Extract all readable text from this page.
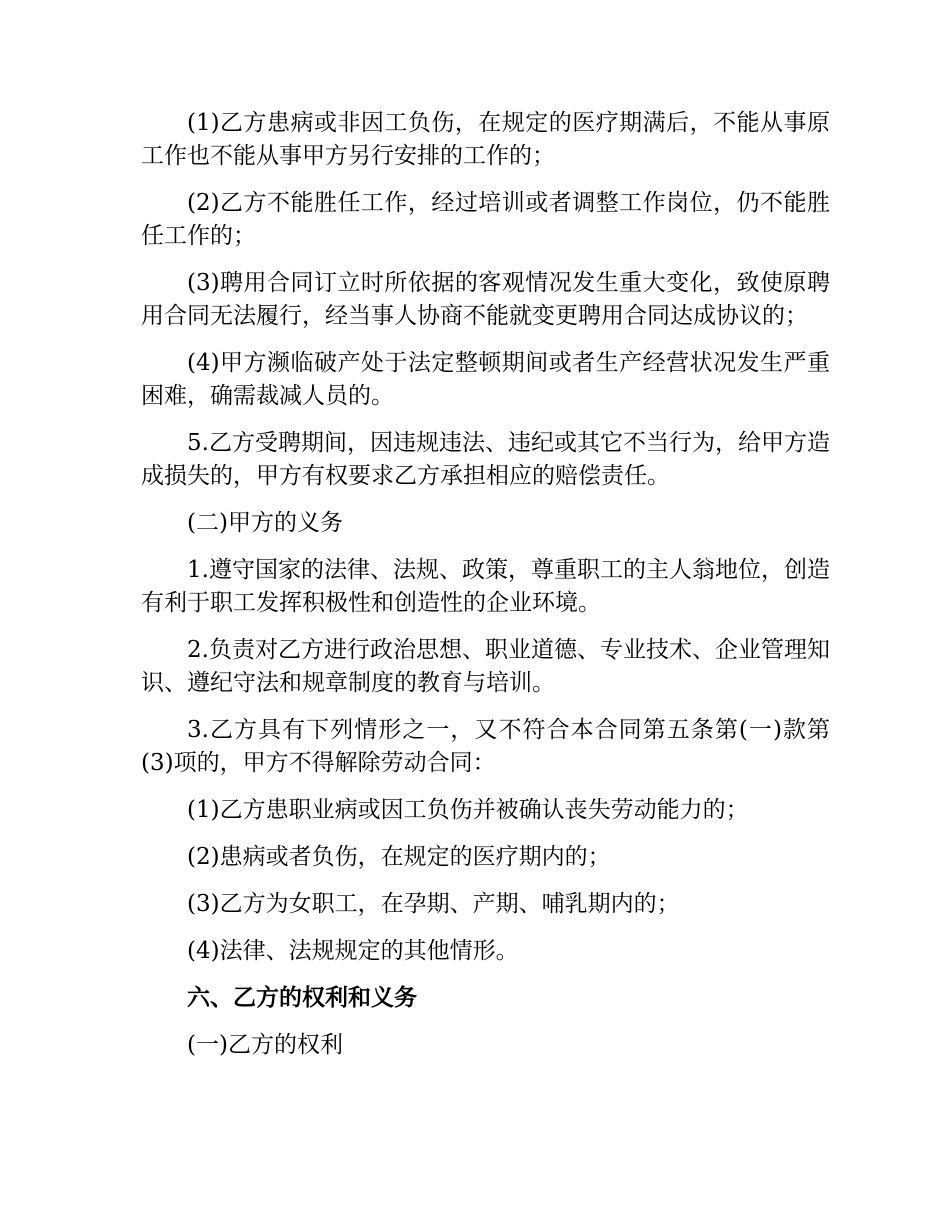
(1)乙方患病或非因工负伤，在规定的医疗期满后，不能从事原工作也不能从事甲方另行安排的工作的；

(2)乙方不能胜任工作，经过培训或者调整工作岗位，仍不能胜任工作的；

(3)聘用合同订立时所依据的客观情况发生重大变化，致使原聘用合同无法履行，经当事人协商不能就变更聘用合同达成协议的；

(4)甲方濒临破产处于法定整顿期间或者生产经营状况发生严重困难，确需裁减人员的。

5.乙方受聘期间，因违规违法、违纪或其它不当行为，给甲方造成损失的，甲方有权要求乙方承担相应的赔偿责任。

(二)甲方的义务

1.遵守国家的法律、法规、政策，尊重职工的主人翁地位，创造有利于职工发挥积极性和创造性的企业环境。

2.负责对乙方进行政治思想、职业道德、专业技术、企业管理知识、遵纪守法和规章制度的教育与培训。

3.乙方具有下列情形之一，又不符合本合同第五条第(一)款第(3)项的，甲方不得解除劳动合同：

(1)乙方患职业病或因工负伤并被确认丧失劳动能力的；

(2)患病或者负伤，在规定的医疗期内的；

(3)乙方为女职工，在孕期、产期、哺乳期内的；

(4)法律、法规规定的其他情形。

六、乙方的权利和义务

(一)乙方的权利
